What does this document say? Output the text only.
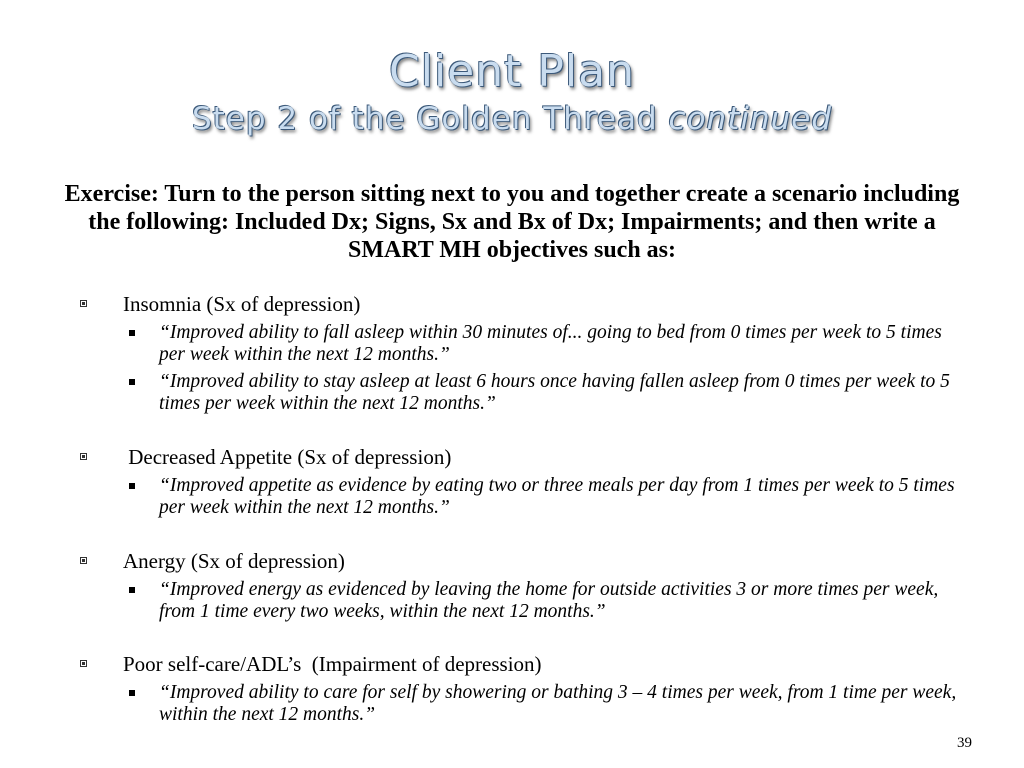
Client Plan
Step 2 of the Golden Thread continued
Exercise: Turn to the person sitting next to you and together create a scenario including the following: Included Dx; Signs, Sx and Bx of Dx; Impairments; and then write a SMART MH objectives such as:
Insomnia (Sx of depression)
“Improved ability to fall asleep within 30 minutes of... going to bed from 0 times per week to 5 times per week within the next 12 months.”
“Improved ability to stay asleep at least 6 hours once having fallen asleep from 0 times per week to 5 times per week within the next 12 months.”
Decreased Appetite (Sx of depression)
“Improved appetite as evidence by eating two or three meals per day from 1 times per week to 5 times per week within the next 12 months.”
Anergy (Sx of depression)
“Improved energy as evidenced by leaving the home for outside activities 3 or more times per week, from 1 time every two weeks, within the next 12 months.”
Poor self-care/ADL’s  (Impairment of depression)
“Improved ability to care for self by showering or bathing 3 – 4 times per week, from 1 time per week, within the next 12 months.”
39
